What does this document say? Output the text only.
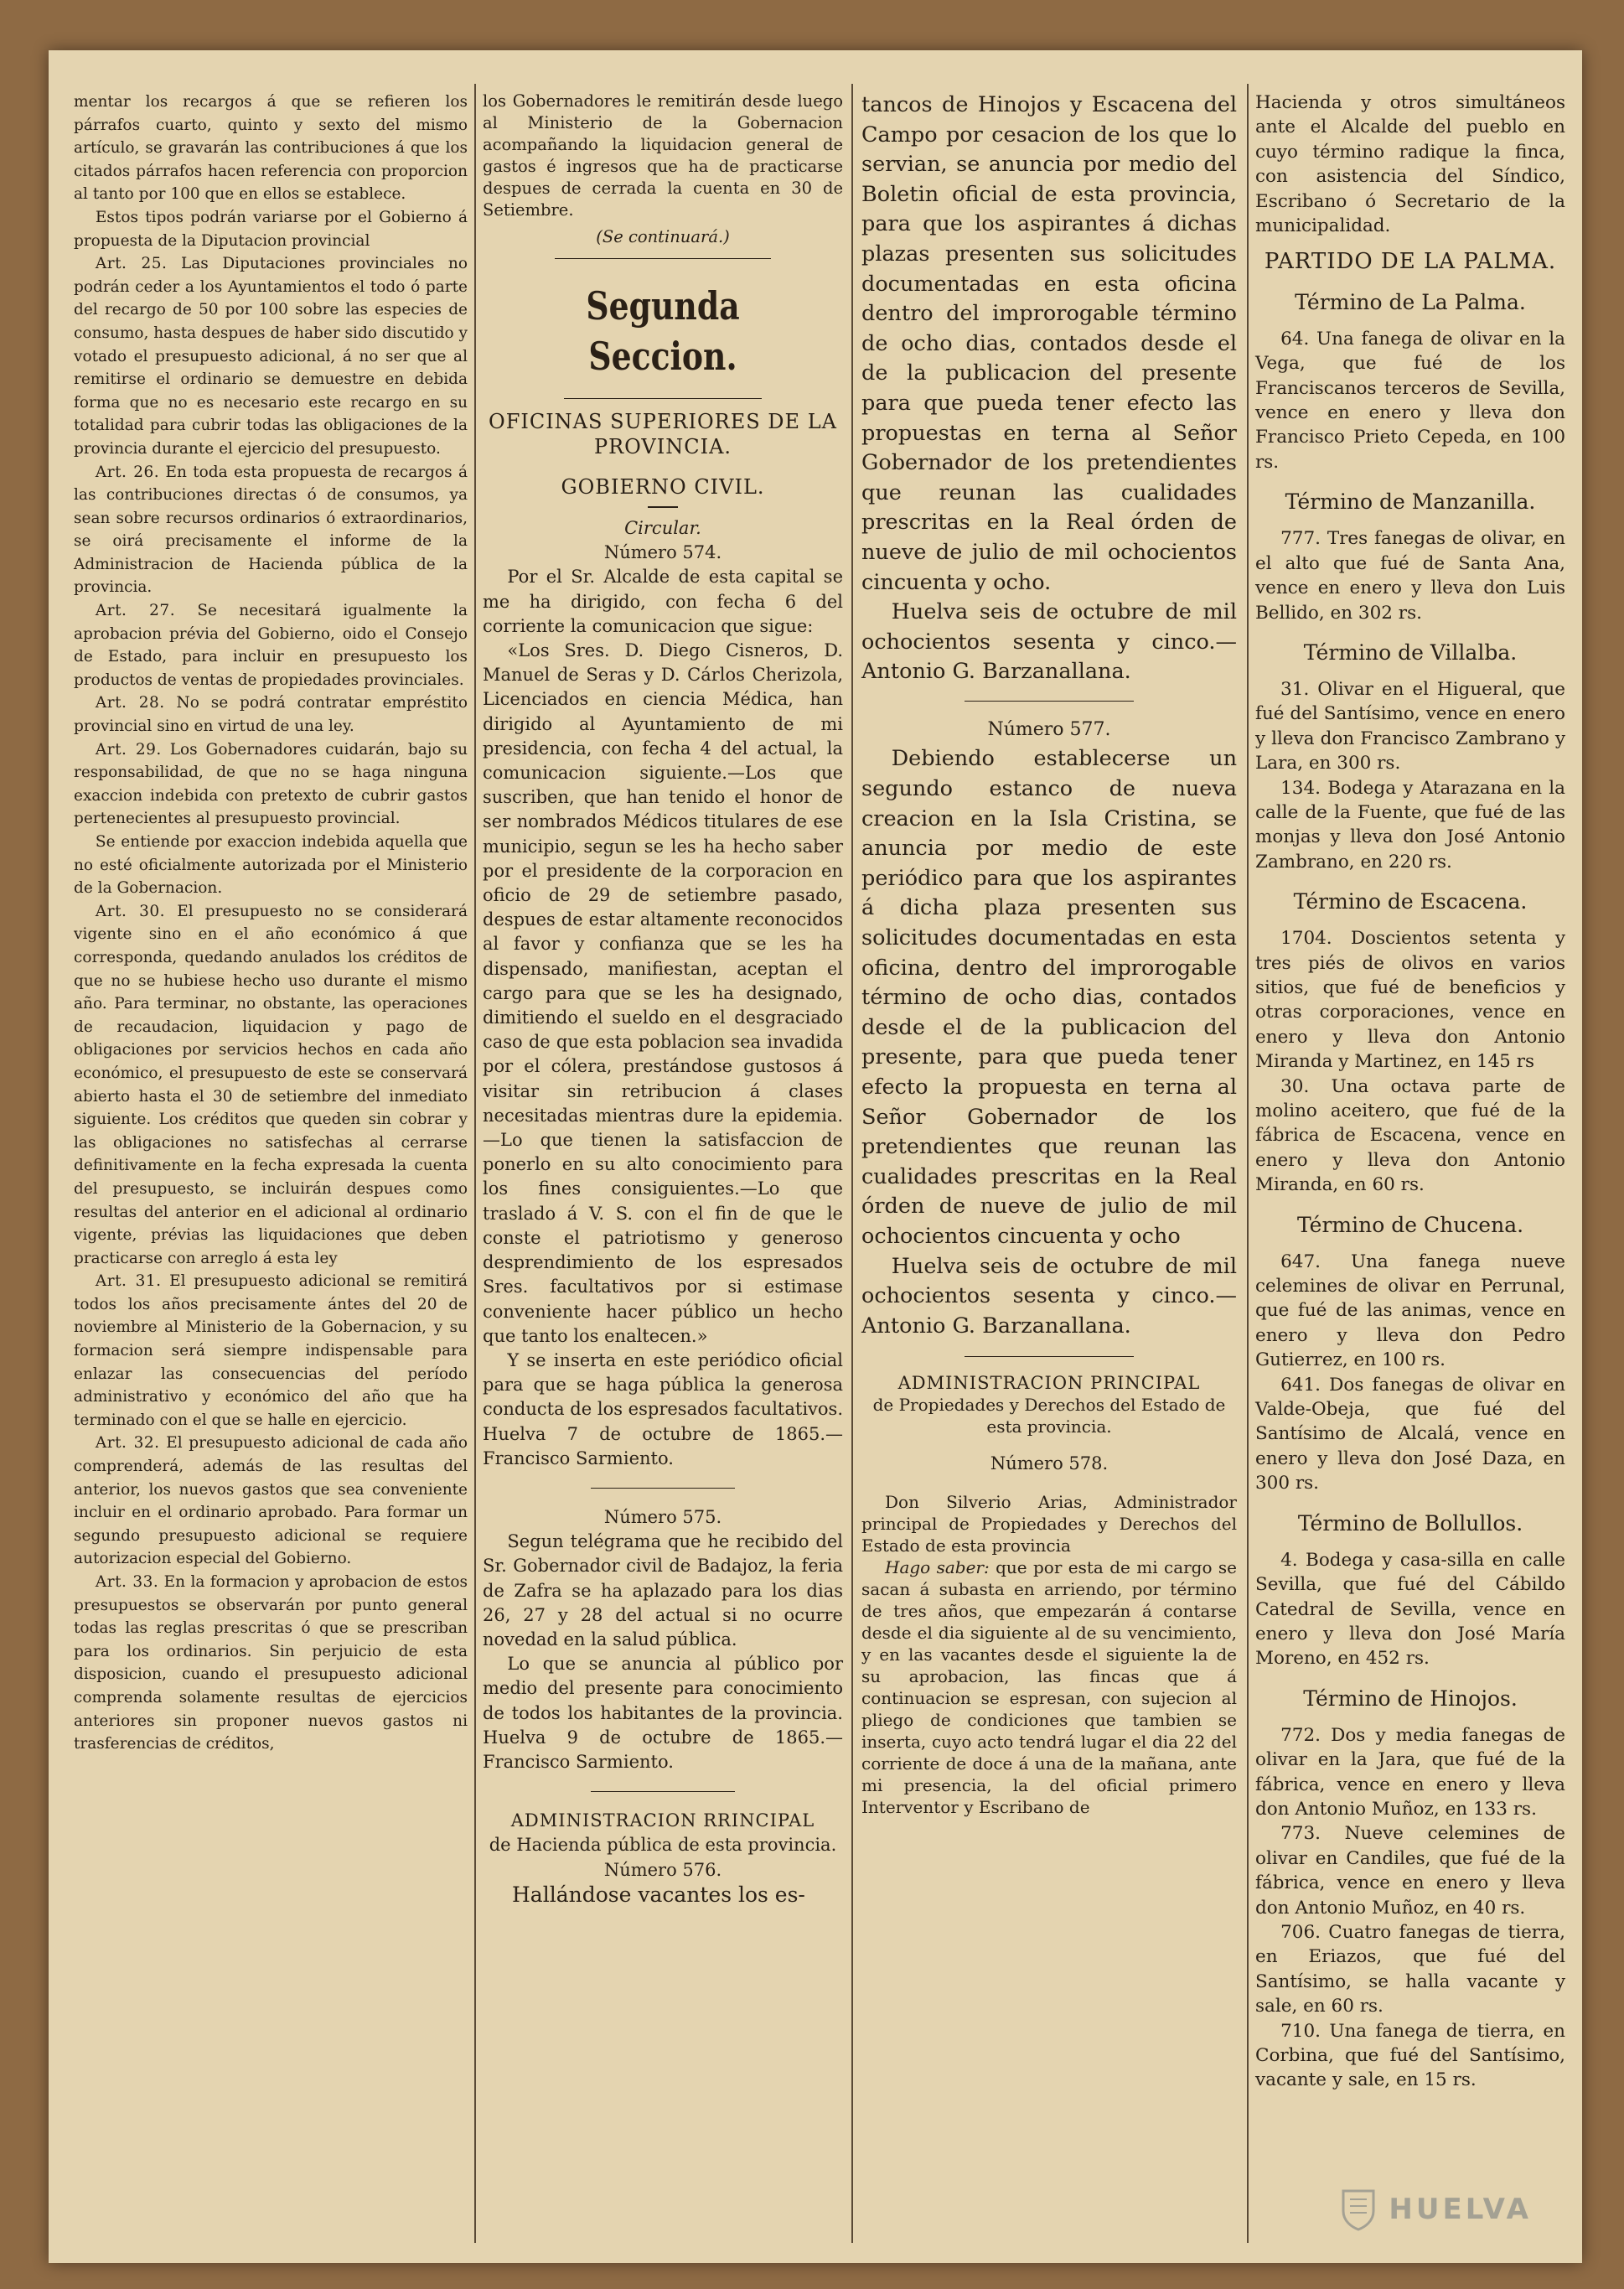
mentar los recargos á que se refieren los párrafos cuarto, quinto y sexto del mismo artículo, se gravarán las contribuciones á que los citados párrafos hacen referencia con proporcion al tanto por 100 que en ellos se establece.

Estos tipos podrán variarse por el Gobierno á propuesta de la Diputacion provincial

Art. 25. Las Diputaciones provinciales no podrán ceder a los Ayuntamientos el todo ó parte del recargo de 50 por 100 sobre las especies de consumo, hasta despues de haber sido discutido y votado el presupuesto adicional, á no ser que al remitirse el ordinario se demuestre en debida forma que no es necesario este recargo en su totalidad para cubrir todas las obligaciones de la provincia durante el ejercicio del presupuesto.

Art. 26. En toda esta propuesta de recargos á las contribuciones directas ó de consumos, ya sean sobre recursos ordinarios ó extraordinarios, se oirá precisamente el informe de la Administracion de Hacienda pública de la provincia.

Art. 27. Se necesitará igualmente la aprobacion prévia del Gobierno, oido el Consejo de Estado, para incluir en presupuesto los productos de ventas de propiedades provinciales.

Art. 28. No se podrá contratar empréstito provincial sino en virtud de una ley.

Art. 29. Los Gobernadores cuidarán, bajo su responsabilidad, de que no se haga ninguna exaccion indebida con pretexto de cubrir gastos pertenecientes al presupuesto provincial.

Se entiende por exaccion indebida aquella que no esté oficialmente autorizada por el Ministerio de la Gobernacion.

Art. 30. El presupuesto no se considerará vigente sino en el año económico á que corresponda, quedando anulados los créditos de que no se hubiese hecho uso durante el mismo año. Para terminar, no obstante, las operaciones de recaudacion, liquidacion y pago de obligaciones por servicios hechos en cada año económico, el presupuesto de este se conservará abierto hasta el 30 de setiembre del inmediato siguiente. Los créditos que queden sin cobrar y las obligaciones no satisfechas al cerrarse definitivamente en la fecha expresada la cuenta del presupuesto, se incluirán despues como resultas del anterior en el adicional al ordinario vigente, prévias las liquidaciones que deben practicarse con arreglo á esta ley

Art. 31. El presupuesto adicional se remitirá todos los años precisamente ántes del 20 de noviembre al Ministerio de la Gobernacion, y su formacion será siempre indispensable para enlazar las consecuencias del período administrativo y económico del año que ha terminado con el que se halle en ejercicio.

Art. 32. El presupuesto adicional de cada año comprenderá, además de las resultas del anterior, los nuevos gastos que sea conveniente incluir en el ordinario aprobado. Para formar un segundo presupuesto adicional se requiere autorizacion especial del Gobierno.

Art. 33. En la formacion y aprobacion de estos presupuestos se observarán por punto general todas las reglas prescritas ó que se prescriban para los ordinarios. Sin perjuicio de esta disposicion, cuando el presupuesto adicional comprenda solamente resultas de ejercicios anteriores sin proponer nuevos gastos ni trasferencias de créditos,

los Gobernadores le remitirán desde luego al Ministerio de la Gobernacion acompañando la liquidacion general de gastos é ingresos que ha de practicarse despues de cerrada la cuenta en 30 de Setiembre.

(Se continuará.)

Segunda Seccion.

OFICINAS SUPERIORES DE LA PROVINCIA.

GOBIERNO CIVIL.

Circular.

Número 574.

Por el Sr. Alcalde de esta capital se me ha dirigido, con fecha 6 del corriente la comunicacion que sigue:

«Los Sres. D. Diego Cisneros, D. Manuel de Seras y D. Cárlos Cherizola, Licenciados en ciencia Médica, han dirigido al Ayuntamiento de mi presidencia, con fecha 4 del actual, la comunicacion siguiente.—Los que suscriben, que han tenido el honor de ser nombrados Médicos titulares de ese municipio, segun se les ha hecho saber por el presidente de la corporacion en oficio de 29 de setiembre pasado, despues de estar altamente reconocidos al favor y confianza que se les ha dispensado, manifiestan, aceptan el cargo para que se les ha designado, dimitiendo el sueldo en el desgraciado caso de que esta poblacion sea invadida por el cólera, prestándose gustosos á visitar sin retribucion á clases necesitadas mientras dure la epidemia.—Lo que tienen la satisfaccion de ponerlo en su alto conocimiento para los fines consiguientes.—Lo que traslado á V. S. con el fin de que le conste el patriotismo y generoso desprendimiento de los espresados Sres. facultativos por si estimase conveniente hacer público un hecho que tanto los enaltecen.»

Y se inserta en este periódico oficial para que se haga pública la generosa conducta de los espresados facultativos. Huelva 7 de octubre de 1865.—Francisco Sarmiento.

Número 575.

Segun telégrama que he recibido del Sr. Gobernador civil de Badajoz, la feria de Zafra se ha aplazado para los dias 26, 27 y 28 del actual si no ocurre novedad en la salud pública.

Lo que se anuncia al público por medio del presente para conocimiento de todos los habitantes de la provincia. Huelva 9 de octubre de 1865.—Francisco Sarmiento.

ADMINISTRACION RRINCIPAL

de Hacienda pública de esta provincia.

Número 576.

Hallándose vacantes los es-

tancos de Hinojos y Escacena del Campo por cesacion de los que lo servian, se anuncia por medio del Boletin oficial de esta provincia, para que los aspirantes á dichas plazas presenten sus solicitudes documentadas en esta oficina dentro del improrogable término de ocho dias, contados desde el de la publicacion del presente para que pueda tener efecto las propuestas en terna al Señor Gobernador de los pretendientes que reunan las cualidades prescritas en la Real órden de nueve de julio de mil ochocientos cincuenta y ocho.

Huelva seis de octubre de mil ochocientos sesenta y cinco.—Antonio G. Barzanallana.

Número 577.

Debiendo establecerse un segundo estanco de nueva creacion en la Isla Cristina, se anuncia por medio de este periódico para que los aspirantes á dicha plaza presenten sus solicitudes documentadas en esta oficina, dentro del improrogable término de ocho dias, contados desde el de la publicacion del presente, para que pueda tener efecto la propuesta en terna al Señor Gobernador de los pretendientes que reunan las cualidades prescritas en la Real órden de nueve de julio de mil ochocientos cincuenta y ocho

Huelva seis de octubre de mil ochocientos sesenta y cinco.—Antonio G. Barzanallana.

ADMINISTRACION PRINCIPAL

de Propiedades y Derechos del Estado de esta provincia.

Número 578.

Don Silverio Arias, Administrador principal de Propiedades y Derechos del Estado de esta provincia

Hago saber: que por esta de mi cargo se sacan á subasta en arriendo, por término de tres años, que empezarán á contarse desde el dia siguiente al de su vencimiento, y en las vacantes desde el siguiente la de su aprobacion, las fincas que á continuacion se espresan, con sujecion al pliego de condiciones que tambien se inserta, cuyo acto tendrá lugar el dia 22 del corriente de doce á una de la mañana, ante mi presencia, la del oficial primero Interventor y Escribano de

Hacienda y otros simultáneos ante el Alcalde del pueblo en cuyo término radique la finca, con asistencia del Síndico, Escribano ó Secretario de la municipalidad.

PARTIDO DE LA PALMA.

Término de La Palma.

64. Una fanega de olivar en la Vega, que fué de los Franciscanos terceros de Sevilla, vence en enero y lleva don Francisco Prieto Cepeda, en 100 rs.

Término de Manzanilla.

777. Tres fanegas de olivar, en el alto que fué de Santa Ana, vence en enero y lleva don Luis Bellido, en 302 rs.

Término de Villalba.

31. Olivar en el Higueral, que fué del Santísimo, vence en enero y lleva don Francisco Zambrano y Lara, en 300 rs.

134. Bodega y Atarazana en la calle de la Fuente, que fué de las monjas y lleva don José Antonio Zambrano, en 220 rs.

Término de Escacena.

1704. Doscientos setenta y tres piés de olivos en varios sitios, que fué de beneficios y otras corporaciones, vence en enero y lleva don Antonio Miranda y Martinez, en 145 rs

30. Una octava parte de molino aceitero, que fué de la fábrica de Escacena, vence en enero y lleva don Antonio Miranda, en 60 rs.

Término de Chucena.

647. Una fanega nueve celemines de olivar en Perrunal, que fué de las animas, vence en enero y lleva don Pedro Gutierrez, en 100 rs.

641. Dos fanegas de olivar en Valde-Obeja, que fué del Santísimo de Alcalá, vence en enero y lleva don José Daza, en 300 rs.

Término de Bollullos.

4. Bodega y casa-silla en calle Sevilla, que fué del Cábildo Catedral de Sevilla, vence en enero y lleva don José María Moreno, en 452 rs.

Término de Hinojos.

772. Dos y media fanegas de olivar en la Jara, que fué de la fábrica, vence en enero y lleva don Antonio Muñoz, en 133 rs.

773. Nueve celemines de olivar en Candiles, que fué de la fábrica, vence en enero y lleva don Antonio Muñoz, en 40 rs.

706. Cuatro fanegas de tierra, en Eriazos, que fué del Santísimo, se halla vacante y sale, en 60 rs.

710. Una fanega de tierra, en Corbina, que fué del Santísimo, vacante y sale, en 15 rs.

HUELVA
